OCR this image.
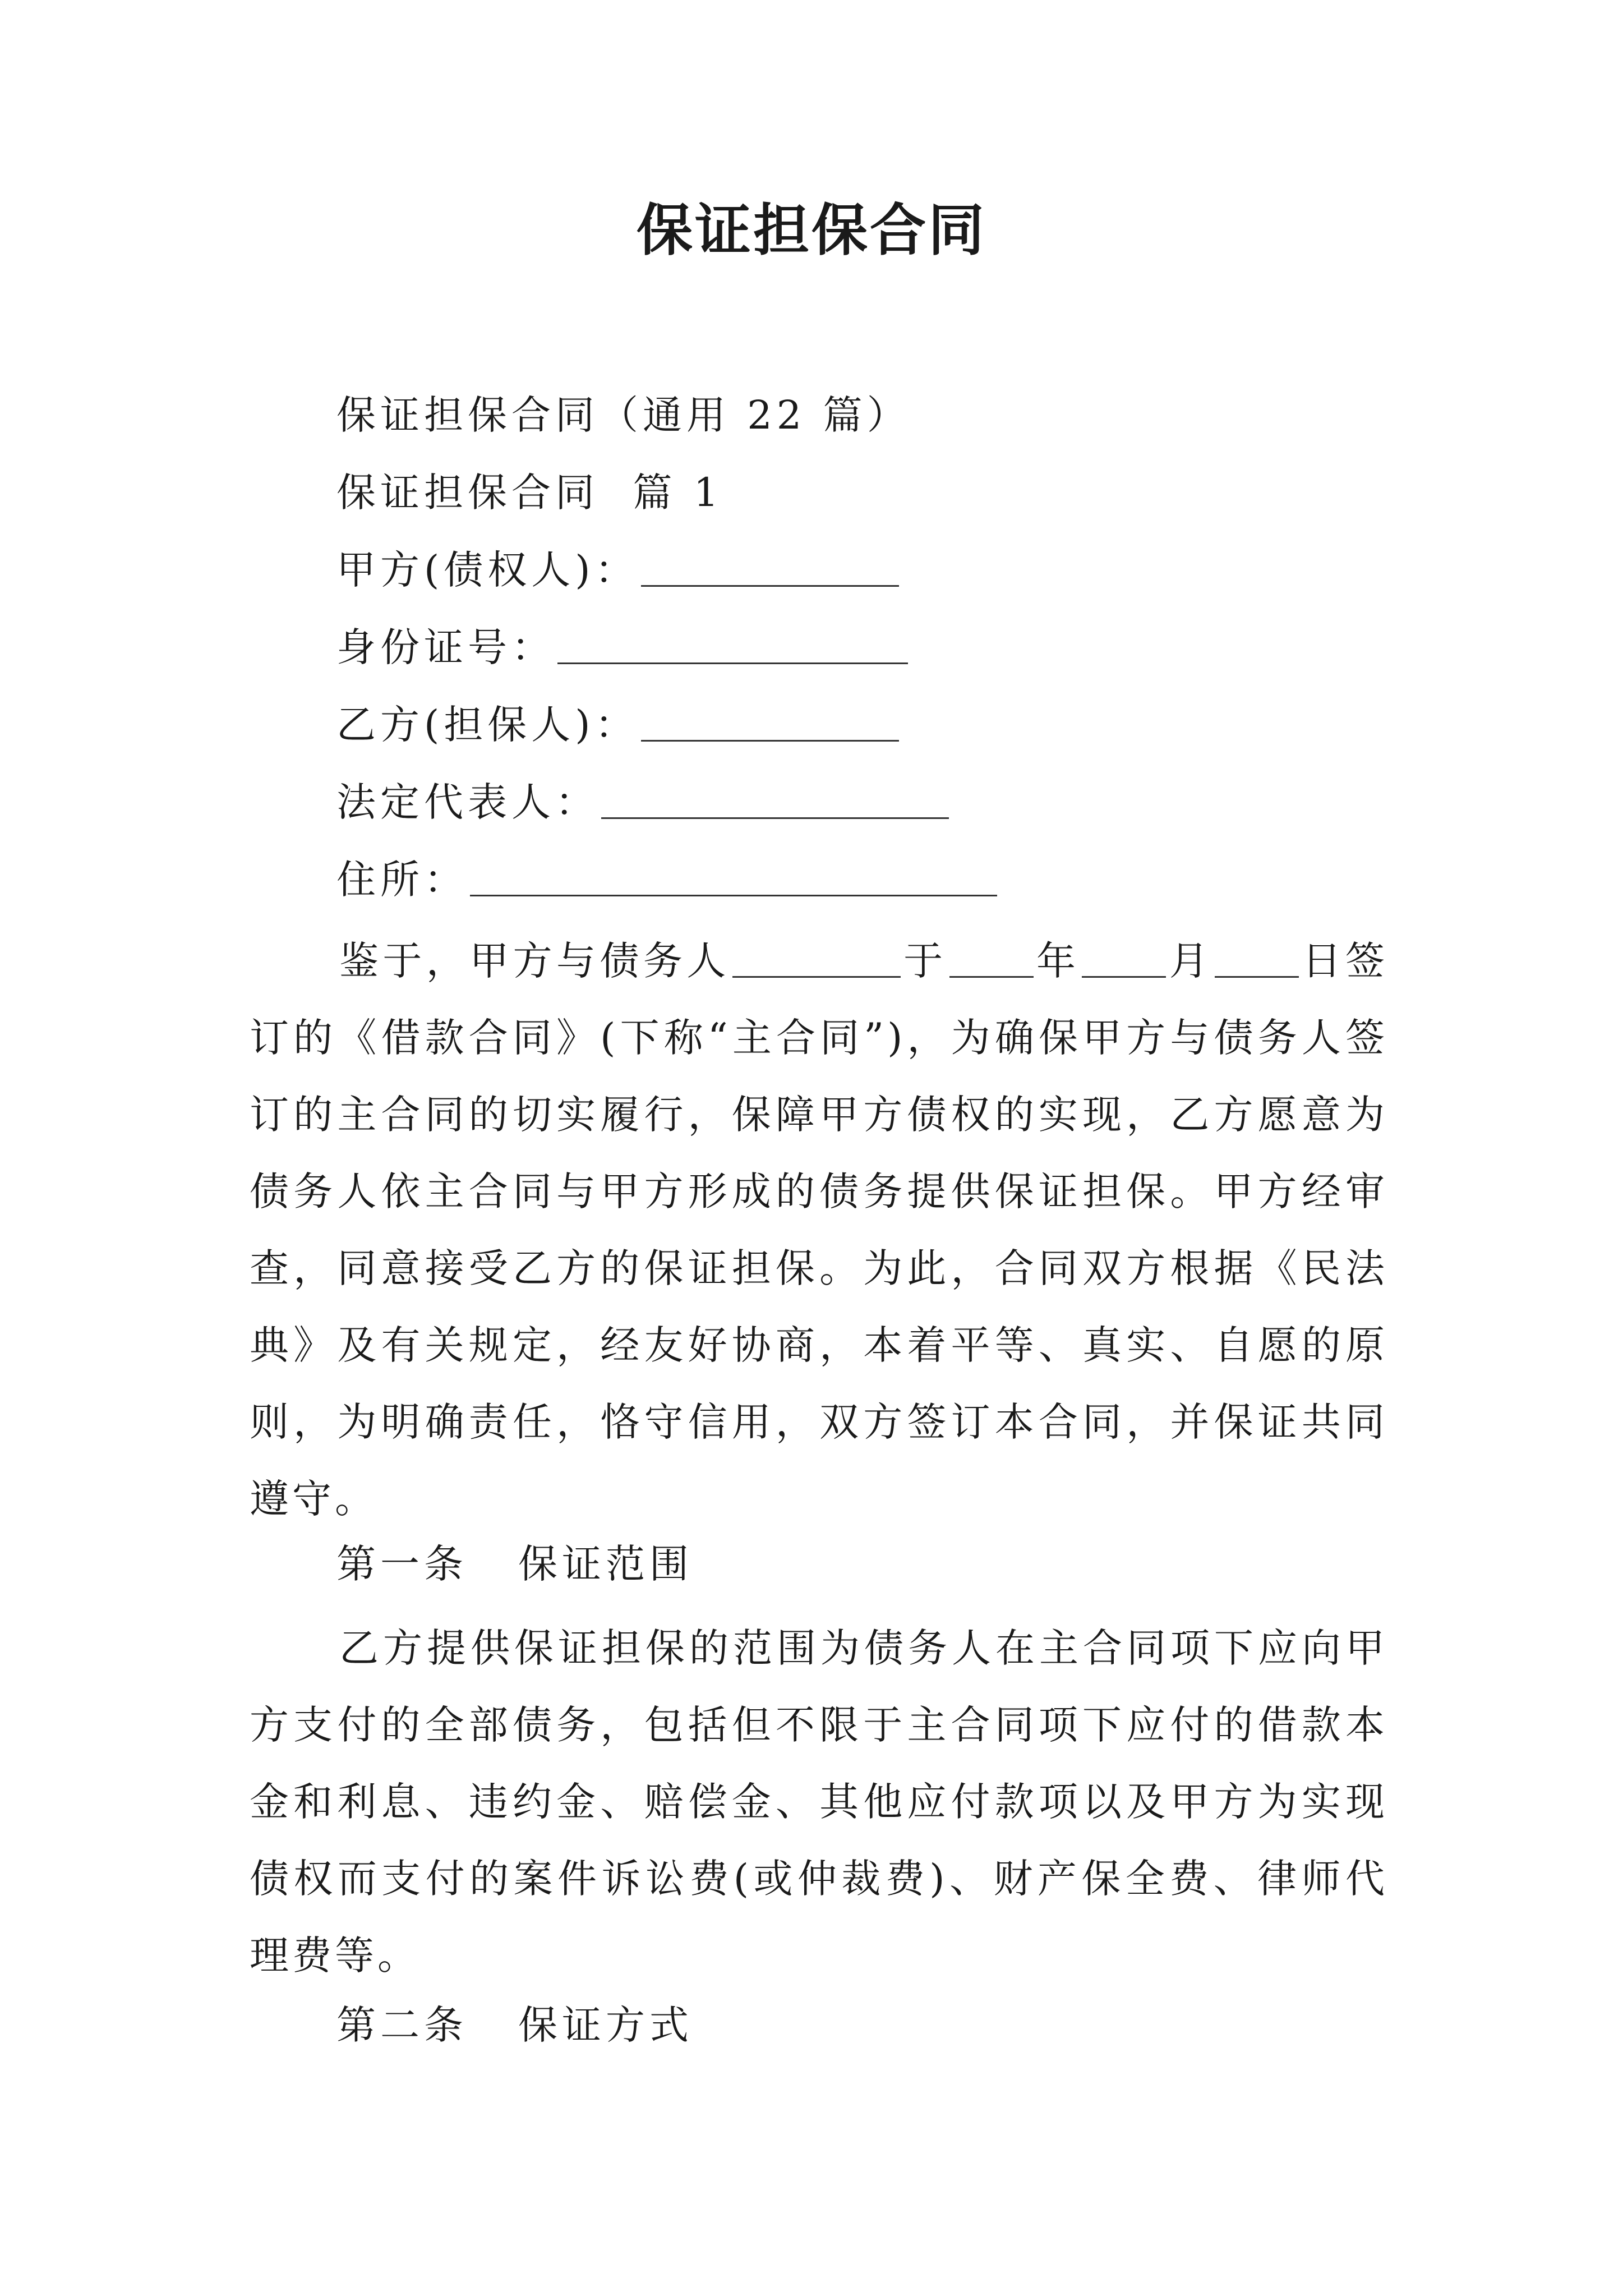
保证担保合同
保证担保合同（通用 22 篇）
保证担保合同  篇 1
甲方(债权人)：
身份证号：
乙方(担保人)：
法定代表人：
住所：
鉴于，甲方与债务人	于 年 月 日签订的《借款合同》(下称“主合同”)，为确保甲方与债务人签订的主合同的切实履行，保障甲方债权的实现，乙方愿意为债务人依主合同与甲方形成的债务提供保证担保。甲方经审查，同意接受乙方的保证担保。为此，合同双方根据《民法典》及有关规定，经友好协商，本着平等、真实、自愿的原则，为明确责任，恪守信用，双方签订本合同，并保证共同遵守。
第一条 保证范围
乙方提供保证担保的范围为债务人在主合同项下应向甲方支付的全部债务，包括但不限于主合同项下应付的借款本金和利息、违约金、赔偿金、其他应付款项以及甲方为实现债权而支付的案件诉讼费(或仲裁费)、财产保全费、律师代理费等。
第二条 保证方式
